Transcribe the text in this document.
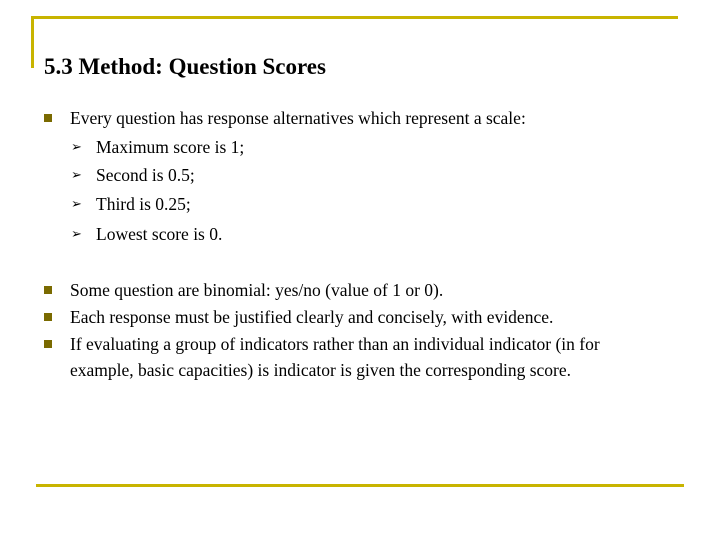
5.3 Method: Question Scores
Every question has response alternatives which represent a scale:
➢ Maximum score is 1;
➢ Second is 0.5;
➢ Third is 0.25;
➢ Lowest score is 0.
Some question are binomial: yes/no (value of 1 or 0).
Each response must be justified clearly and concisely, with evidence.
If evaluating a group of indicators rather than an individual indicator (in for example, basic capacities) is indicator is given the corresponding score.
